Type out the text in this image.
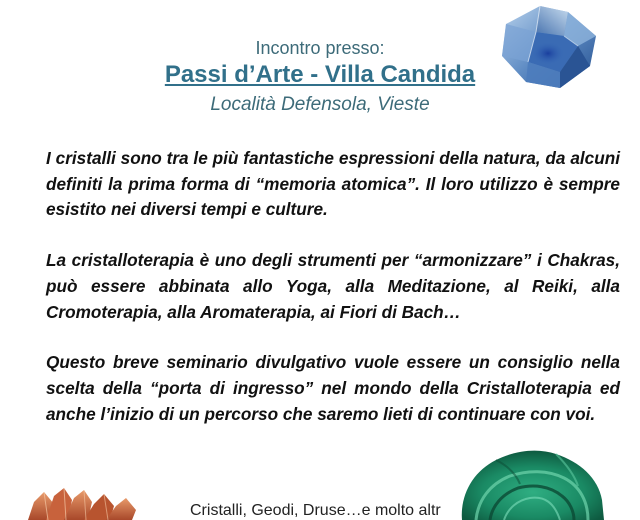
Incontro presso:
Passi d’Arte - Villa Candida
Località Defensola, Vieste

I cristalli sono tra le più fantastiche espressioni della natura, da alcuni definiti la prima forma di “memoria atomica”. Il loro utilizzo è sempre esistito nei diversi tempi e culture.

La cristalloterapia è uno degli strumenti per “armonizzare” i Chakras, può essere abbinata allo Yoga, alla Meditazione, al Reiki, alla Cromoterapia, alla Aromaterapia, ai Fiori di Bach…

Questo breve seminario divulgativo vuole essere un consiglio nella scelta della “porta di ingresso” nel mondo della Cristalloterapia ed anche l’inizio di un percorso che saremo lieti di continuare con voi.

Cristalli, Geodi, Druse…e molto altr
